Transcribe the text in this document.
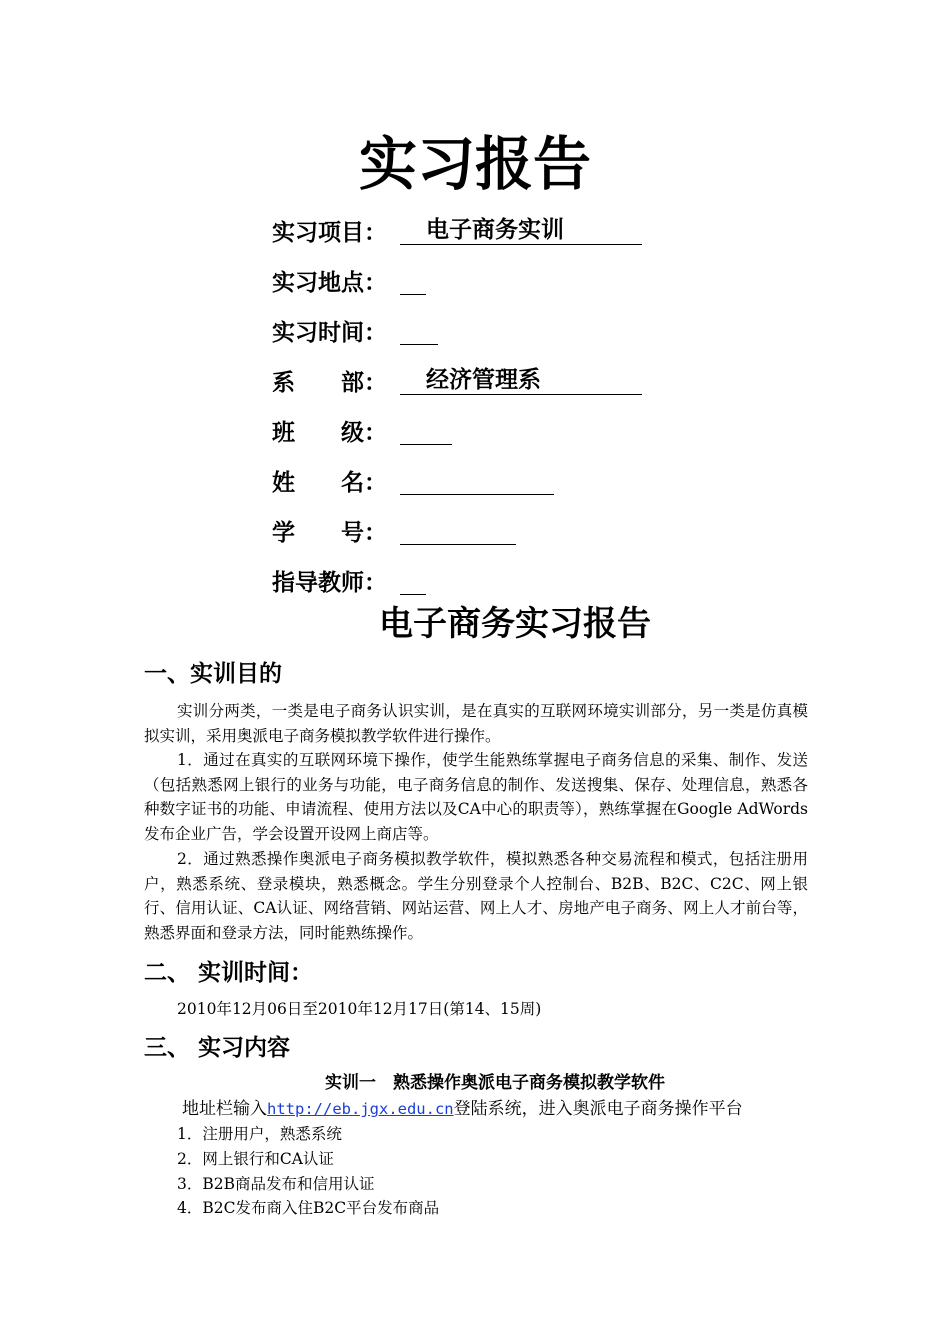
实习报告
实习项目：	电子商务实训
实习地点：
实习时间：
系　　部：	经济管理系
班　　级：
姓　　名：
学　　号：
指导教师：
电子商务实习报告
一、实训目的
实训分两类，一类是电子商务认识实训，是在真实的互联网环境实训部分，另一类是仿真模拟实训，采用奥派电子商务模拟教学软件进行操作。
1．通过在真实的互联网环境下操作，使学生能熟练掌握电子商务信息的采集、制作、发送（包括熟悉网上银行的业务与功能，电子商务信息的制作、发送搜集、保存、处理信息，熟悉各种数字证书的功能、申请流程、使用方法以及CA中心的职责等），熟练掌握在Google AdWords发布企业广告，学会设置开设网上商店等。
2．通过熟悉操作奥派电子商务模拟教学软件，模拟熟悉各种交易流程和模式，包括注册用户，熟悉系统、登录模块，熟悉概念。学生分别登录个人控制台、B2B、B2C、C2C、网上银行、信用认证、CA认证、网络营销、网站运营、网上人才、房地产电子商务、网上人才前台等，熟悉界面和登录方法，同时能熟练操作。
二、 实训时间：
2010年12月06日至2010年12月17日(第14、15周)
三、 实习内容
实训一　熟悉操作奥派电子商务模拟教学软件
地址栏输入http://eb.jgx.edu.cn登陆系统，进入奥派电子商务操作平台
1．注册用户，熟悉系统
2．网上银行和CA认证
3．B2B商品发布和信用认证
4．B2C发布商入住B2C平台发布商品
